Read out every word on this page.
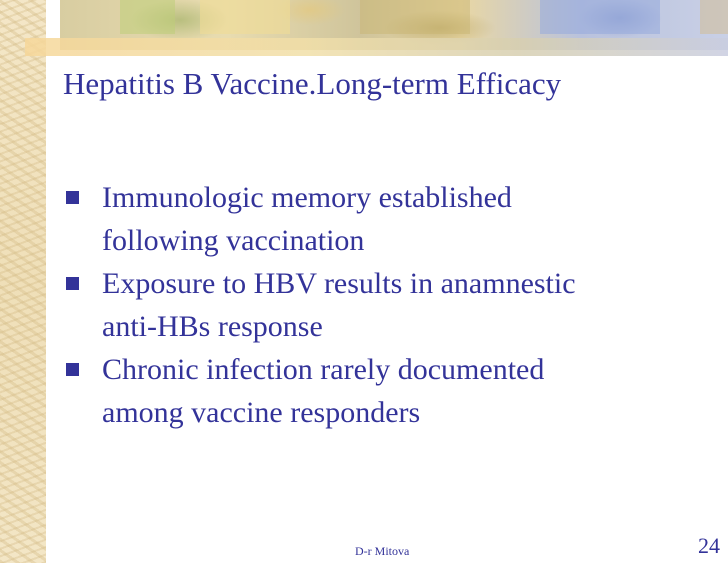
Hepatitis B Vaccine.Long-term Efficacy
Immunologic memory established
following vaccination
Exposure to HBV results in anamnestic
anti-HBs response
Chronic infection rarely documented
among vaccine responders
D-r Mitova	24
